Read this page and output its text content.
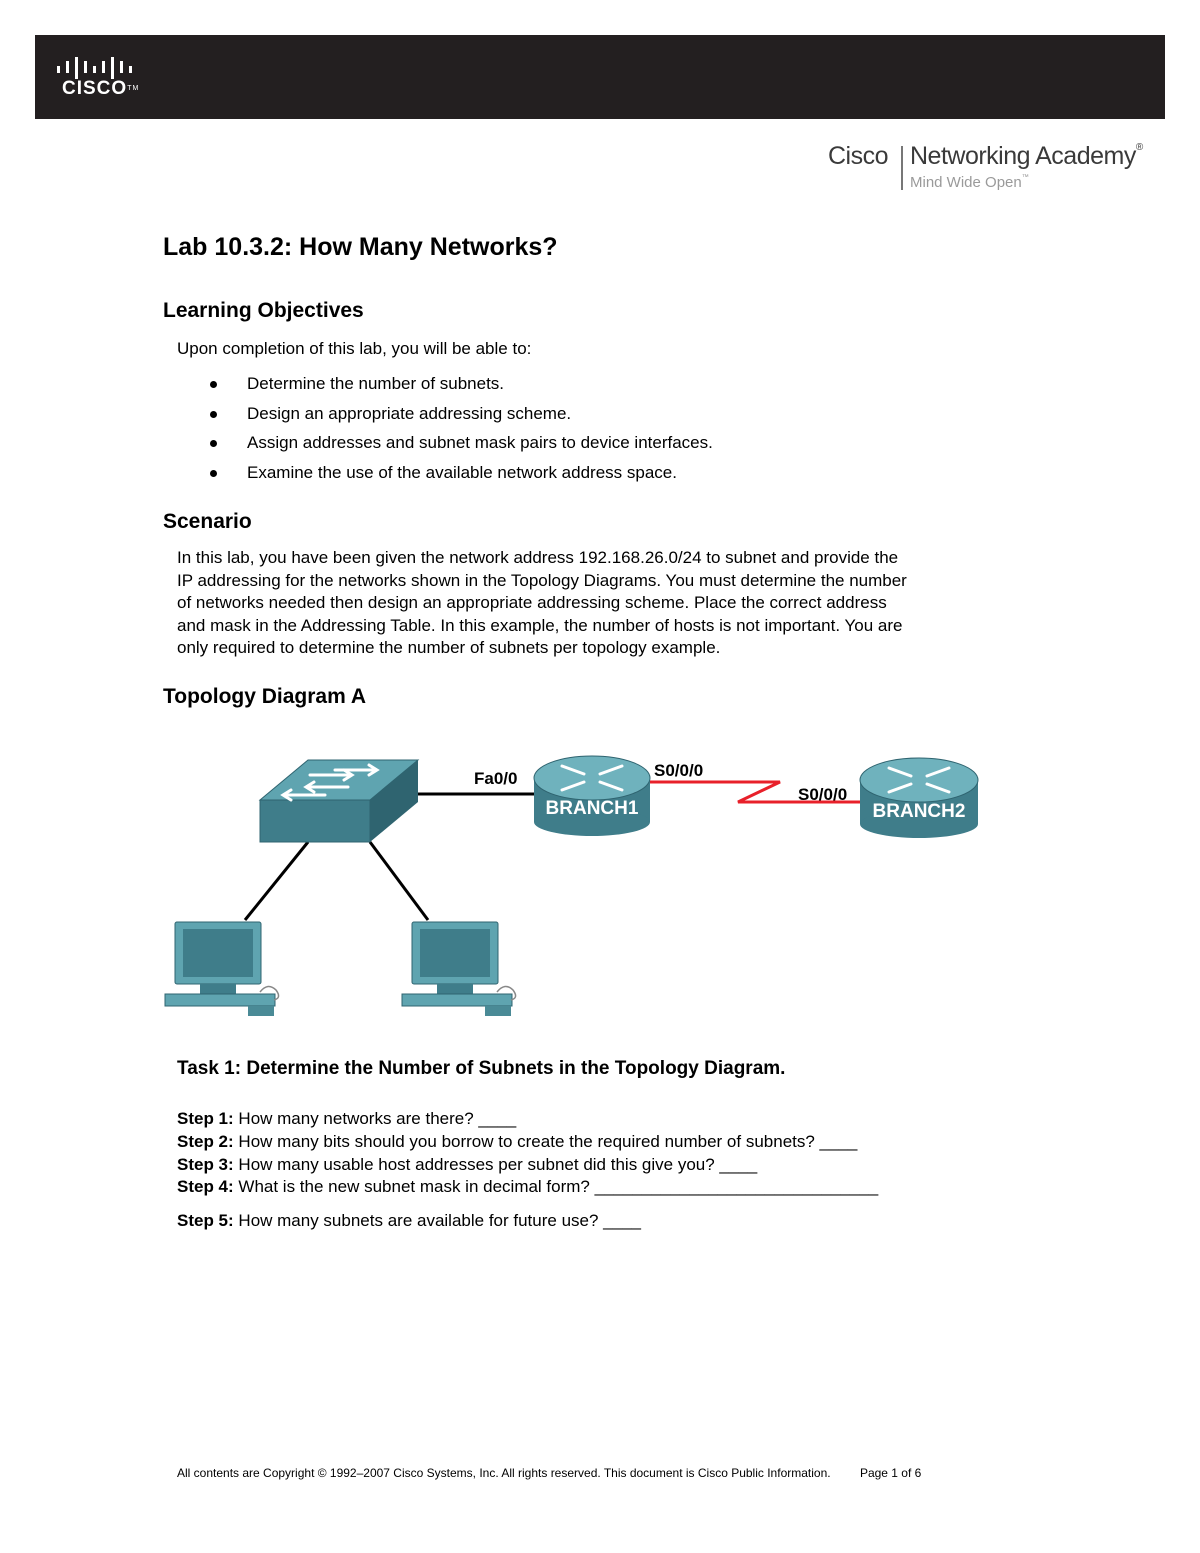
CISCOTM
Cisco Networking Academy®
Mind Wide Open™
Lab 10.3.2: How Many Networks?
Learning Objectives
Upon completion of this lab, you will be able to:
Determine the number of subnets.
Design an appropriate addressing scheme.
Assign addresses and subnet mask pairs to device interfaces.
Examine the use of the available network address space.
Scenario

In this lab, you have been given the network address 192.168.26.0/24 to subnet and provide the

IP addressing for the networks shown in the Topology Diagrams. You must determine the number

of networks needed then design an appropriate addressing scheme. Place the correct address

and mask in the Addressing Table. In this example, the number of hosts is not important. You are

only required to determine the number of subnets per topology example.

Topology Diagram A
BRANCH1	BRANCH2
Fa0/0	S0/0/0
S0/0/0
Task 1: Determine the Number of Subnets in the Topology Diagram.
Step 1: How many networks are there? ____
Step 2: How many bits should you borrow to create the required number of subnets? ____
Step 3: How many usable host addresses per subnet did this give you? ____
Step 4: What is the new subnet mask in decimal form? ______________________________
Step 5: How many subnets are available for future use? ____
All contents are Copyright © 1992–2007 Cisco Systems, Inc. All rights reserved. This document is Cisco Public Information. Page 1 of 6
